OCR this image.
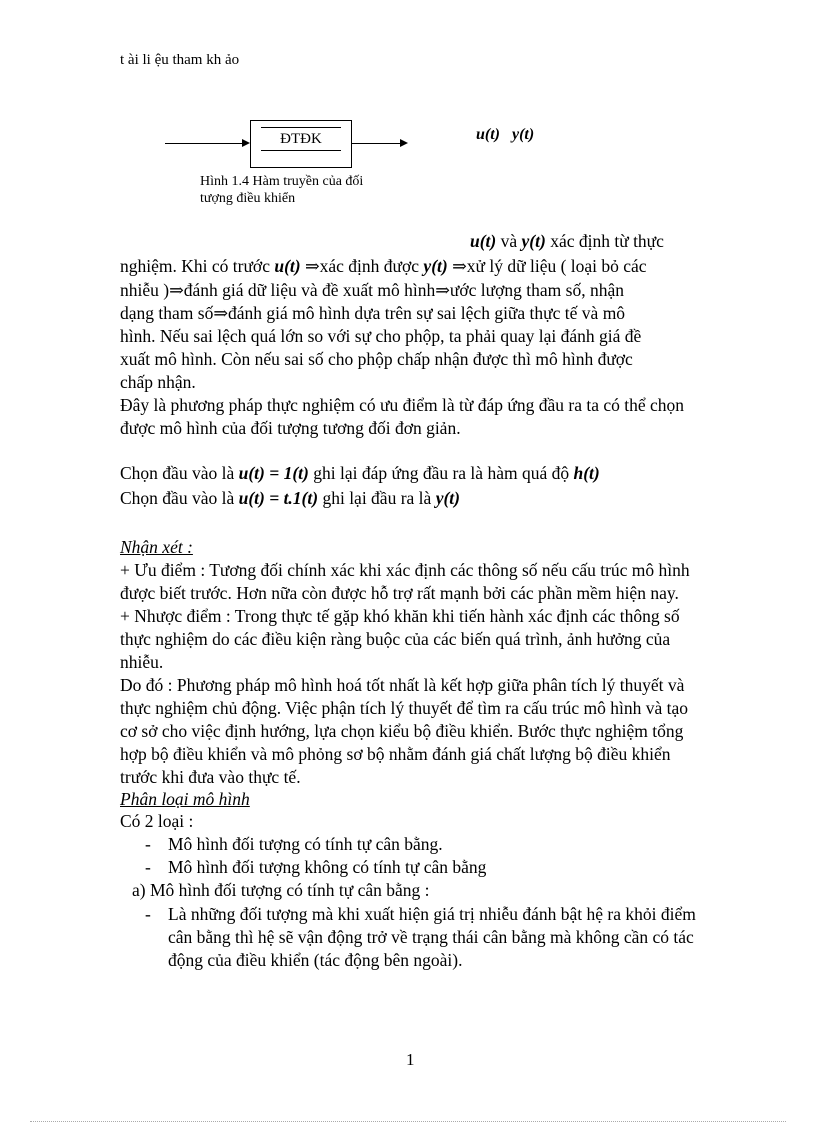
t ài li ệu tham kh ảo
ĐTĐK
Hình 1.4 Hàm truyền của đối
tượng điều khiển
u(t) y(t)
u(t) và y(t) xác định từ thực
nghiệm. Khi có trước u(t) ⇒xác định được y(t) ⇒xử lý dữ liệu ( loại bỏ các
nhiễu )⇒đánh giá dữ liệu và đề xuất mô hình⇒ước lượng tham số, nhận
dạng tham số⇒đánh giá mô hình dựa trên sự sai lệch giữa thực tế và mô
hình. Nếu sai lệch quá lớn so với sự cho phộp, ta phải quay lại đánh giá đề
xuất mô hình. Còn nếu sai số cho phộp chấp nhận được thì mô hình được
chấp nhận.
Đây là phương pháp thực nghiệm có ưu điểm là từ đáp ứng đầu ra ta có thể chọn
được mô hình của đối tượng tương đối đơn giản.
Chọn đầu vào là u(t) = 1(t) ghi lại đáp ứng đầu ra là hàm quá độ h(t)
Chọn đầu vào là u(t) = t.1(t) ghi lại đầu ra là y(t)
Nhận xét :
+ Ưu điểm : Tương đối chính xác khi xác định các thông số nếu cấu trúc mô hình
được biết trước. Hơn nữa còn được hỗ trợ rất mạnh bởi các phần mềm hiện nay.
+ Nhược điểm : Trong thực tế gặp khó khăn khi tiến hành xác định các thông số
thực nghiệm do các điều kiện ràng buộc của các biến quá trình, ảnh hưởng của
nhiễu.
Do đó : Phương pháp mô hình hoá tốt nhất là kết hợp giữa phân tích lý thuyết và
thực nghiệm chủ động. Việc phận tích lý thuyết để tìm ra cấu trúc mô hình và tạo
cơ sở cho việc định hướng, lựa chọn kiểu bộ điều khiển. Bước thực nghiệm tổng
hợp bộ điều khiển và mô phỏng sơ bộ nhằm đánh giá chất lượng bộ điều khiển
trước khi đưa vào thực tế.
Phân loại mô hình
Có 2 loại :
- Mô hình đối tượng có tính tự cân bằng.
- Mô hình đối tượng không có tính tự cân bằng
a) Mô hình đối tượng có tính tự cân bằng :
- Là những đối tượng mà khi xuất hiện giá trị nhiễu đánh bật hệ ra khỏi điểm
cân bằng thì hệ sẽ vận động trở về trạng thái cân bằng mà không cần có tác
động của điều khiển (tác động bên ngoài).
1
